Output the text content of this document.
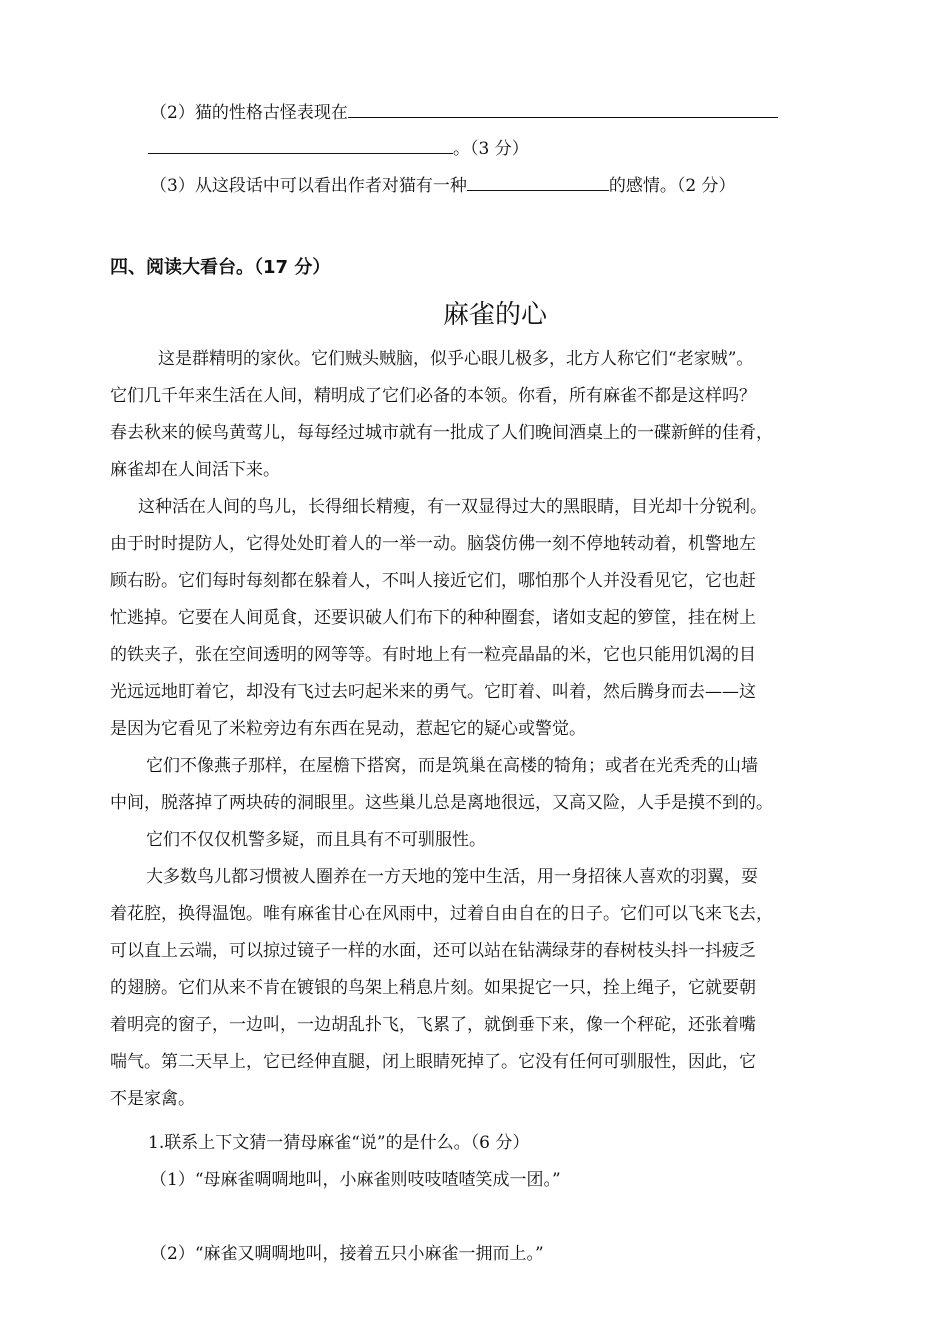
（2）猫的性格古怪表现在
。（3 分）
（3）从这段话中可以看出作者对猫有一种	的感情。（2 分）
四、阅读大看台。（17 分）
麻雀的心

这是群精明的家伙。它们贼头贼脑，似乎心眼儿极多，北方人称它们“老家贼”。
它们几千年来生活在人间，精明成了它们必备的本领。你看，所有麻雀不都是这样吗？
春去秋来的候鸟黄莺儿，每每经过城市就有一批成了人们晚间酒桌上的一碟新鲜的佳肴，
麻雀却在人间活下来。

这种活在人间的鸟儿，长得细长精瘦，有一双显得过大的黑眼睛，目光却十分锐利。
由于时时提防人，它得处处盯着人的一举一动。脑袋仿佛一刻不停地转动着，机警地左
顾右盼。它们每时每刻都在躲着人，不叫人接近它们，哪怕那个人并没看见它，它也赶
忙逃掉。它要在人间觅食，还要识破人们布下的种种圈套，诸如支起的箩筐，挂在树上
的铁夹子，张在空间透明的网等等。有时地上有一粒亮晶晶的米，它也只能用饥渴的目
光远远地盯着它，却没有飞过去叼起米来的勇气。它盯着、叫着，然后腾身而去——这
是因为它看见了米粒旁边有东西在晃动，惹起它的疑心或警觉。

它们不像燕子那样，在屋檐下搭窝，而是筑巢在高楼的犄角；或者在光秃秃的山墙
中间，脱落掉了两块砖的洞眼里。这些巢儿总是离地很远，又高又险，人手是摸不到的。

它们不仅仅机警多疑，而且具有不可驯服性。

大多数鸟儿都习惯被人圈养在一方天地的笼中生活，用一身招徕人喜欢的羽翼，耍
着花腔，换得温饱。唯有麻雀甘心在风雨中，过着自由自在的日子。它们可以飞来飞去，
可以直上云端，可以掠过镜子一样的水面，还可以站在钻满绿芽的春树枝头抖一抖疲乏
的翅膀。它们从来不肯在镀银的鸟架上稍息片刻。如果捉它一只，拴上绳子，它就要朝
着明亮的窗子，一边叫，一边胡乱扑飞，飞累了，就倒垂下来，像一个秤砣，还张着嘴
喘气。第二天早上，它已经伸直腿，闭上眼睛死掉了。它没有任何可驯服性，因此，它
不是家禽。

1.联系上下文猜一猜母麻雀“说”的是什么。（6 分）
（1）“母麻雀啁啁地叫，小麻雀则吱吱喳喳笑成一团。”
（2）“麻雀又啁啁地叫，接着五只小麻雀一拥而上。”
